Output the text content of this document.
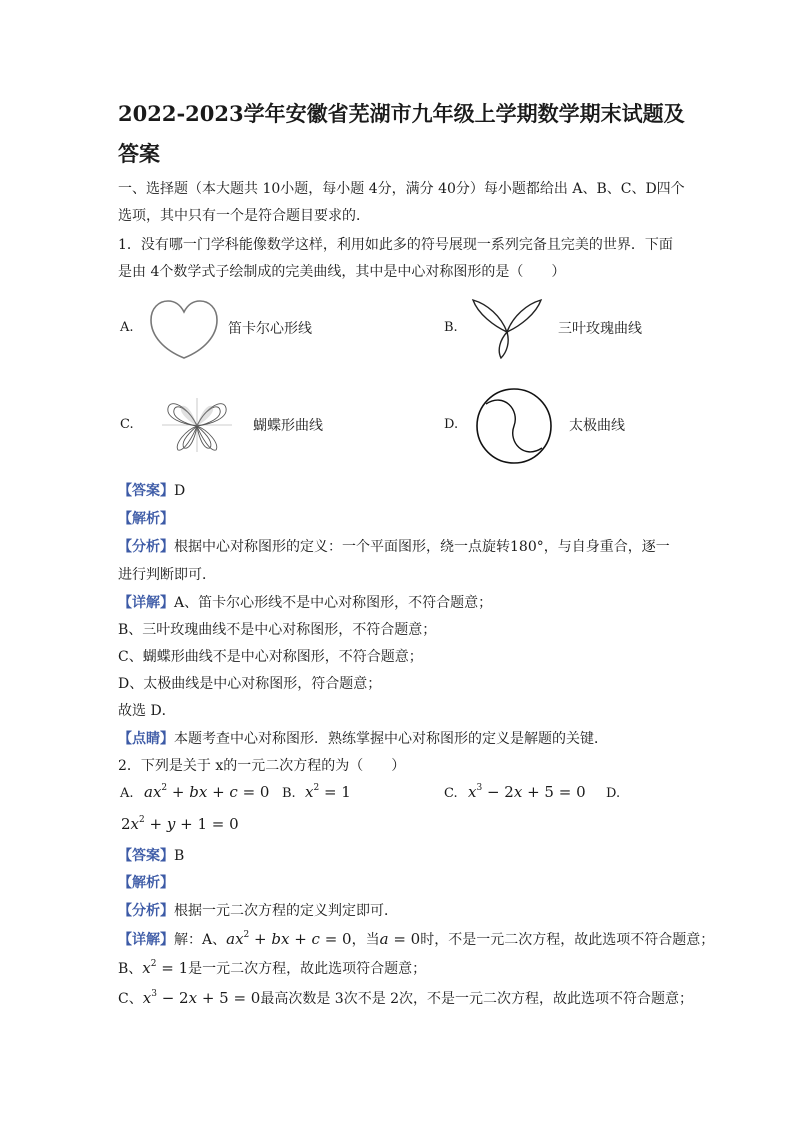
2022-2023学年安徽省芜湖市九年级上学期数学期末试题及
答案
一、选择题（本大题共 10小题，每小题 4分，满分 40分）每小题都给出 A、B、C、D四个
选项，其中只有一个是符合题目要求的．
1．没有哪一门学科能像数学这样，利用如此多的符号展现一系列完备且完美的世界．下面
是由 4个数学式子绘制成的完美曲线，其中是中心对称图形的是（　　）
A.	笛卡尔心形线	B.	三叶玫瑰曲线
C.	蝴蝶形曲线	D.	太极曲线
【答案】D
【解析】
【分析】根据中心对称图形的定义：一个平面图形，绕一点旋转180°，与自身重合，逐一
进行判断即可．
【详解】A、笛卡尔心形线不是中心对称图形，不符合题意；
B、三叶玫瑰曲线不是中心对称图形，不符合题意；
C、蝴蝶形曲线不是中心对称图形，不符合题意；
D、太极曲线是中心对称图形，符合题意；
故选 D．
【点睛】本题考查中心对称图形．熟练掌握中心对称图形的定义是解题的关键．
2．下列是关于 x的一元二次方程的为（　　）
A. $ax^2$ + bx + c = 0 B. $x^2 = 1$	C. $x^3 - 2x + 5 = 0$ D.
$2x^2 + y + 1 = 0$
【答案】B
【解析】
【分析】根据一元二次方程的定义判定即可．
【详解】解：A、$ax^2$ + bx + c = 0，当a = 0时，不是一元二次方程，故此选项不符合题意；
B、$x^2 = 1$是一元二次方程，故此选项符合题意；
C、$x^3 - 2x + 5 = 0$最高次数是 3次不是 2次，不是一元二次方程，故此选项不符合题意；
